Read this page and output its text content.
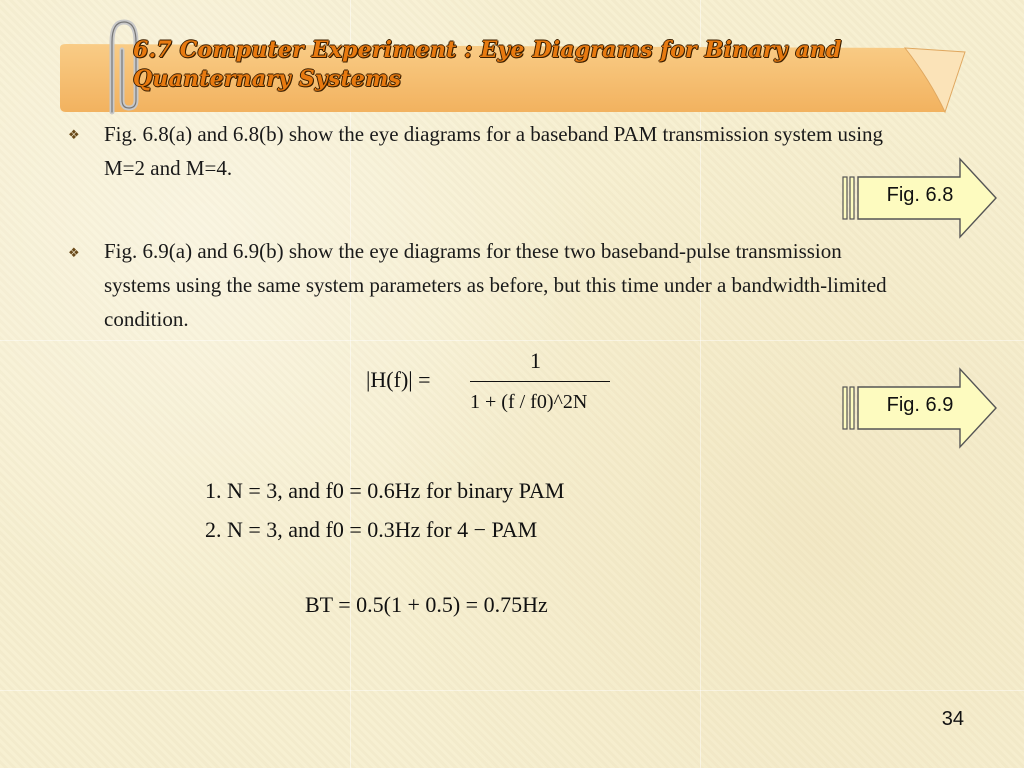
6.7 Computer Experiment : Eye Diagrams for Binary and Quanternary Systems
❖ Fig. 6.8(a) and 6.8(b) show the eye diagrams for a baseband PAM transmission system using M=2 and M=4.
❖ Fig. 6.9(a) and 6.9(b) show the eye diagrams for these two baseband-pulse transmission systems using the same system parameters as before, but this time under a bandwidth-limited condition.
Fig. 6.8
Fig. 6.9
|H(f)| =
1
1 + (f / f0)^2N
1. N = 3, and f0 = 0.6Hz for binary PAM
2. N = 3, and f0 = 0.3Hz for 4 − PAM
BT = 0.5(1 + 0.5) = 0.75Hz
34
